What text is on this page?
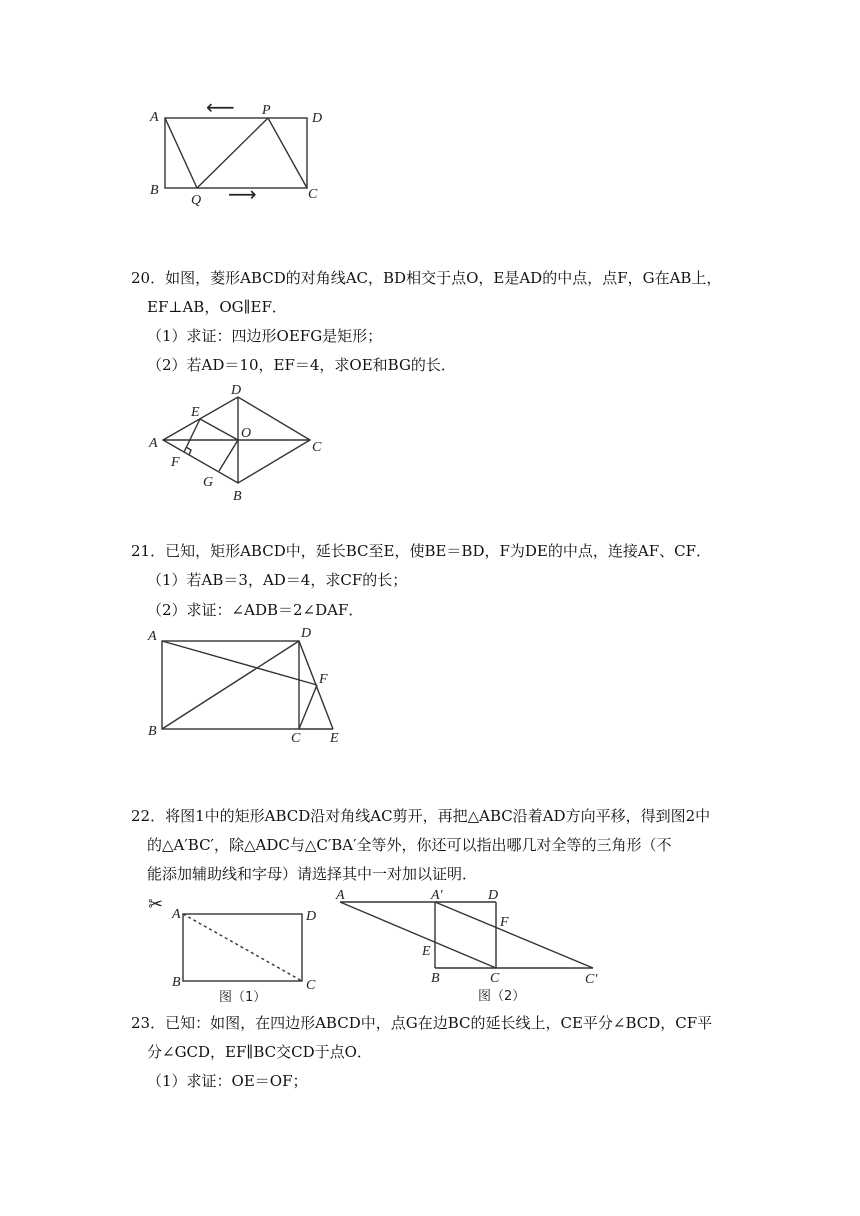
A	P
D
B
Q	C
⟵
⟶
20．如图，菱形ABCD的对角线AC，BD相交于点O，E是AD的中点，点F，G在AB上，
EF⊥AB，OG∥EF．
（1）求证：四边形OEFG是矩形；
（2）若AD＝10，EF＝4，求OE和BG的长．
D
E
A
O
C
F
G
B
21．已知，矩形ABCD中，延长BC至E，使BE＝BD，F为DE的中点，连接AF、CF．
（1）若AB＝3，AD＝4，求CF的长；
（2）求证：∠ADB＝2∠DAF．
A	D
F
B	C E
22．将图1中的矩形ABCD沿对角线AC剪开，再把△ABC沿着AD方向平移，得到图2中
的△A′BC′，除△ADC与△C′BA′全等外，你还可以指出哪几对全等的三角形（不
能添加辅助线和字母）请选择其中一对加以证明．
✂ A	D
B	C
图（1）
A	A′	D
F
E
B	C	C′
图（2）
23．已知：如图，在四边形ABCD中，点G在边BC的延长线上，CE平分∠BCD，CF平
分∠GCD，EF∥BC交CD于点O．
（1）求证：OE＝OF；
